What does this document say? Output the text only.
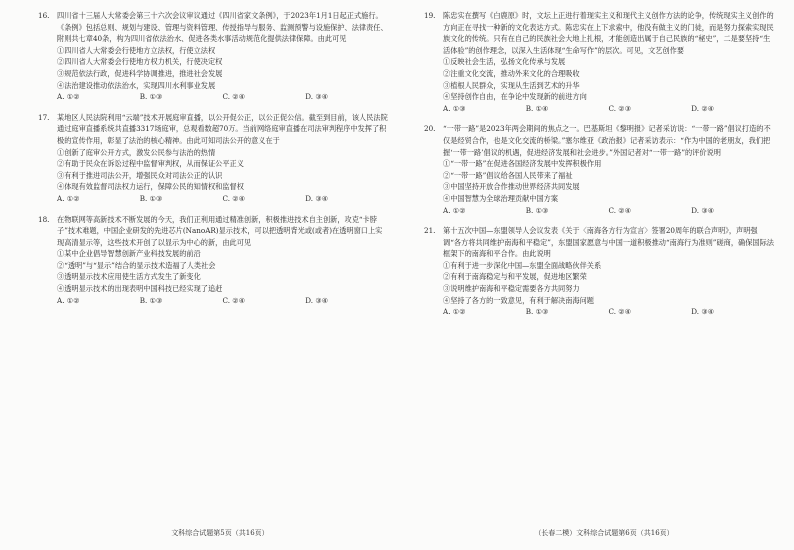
16. 四川省十三届人大常委会第三十六次会议审议通过《四川省家文条例》，于2023年1月1日起正式施行。《条例》包括总则、规划与建设、管理与资料管理、传授指导与服务、监测预警与设施保护、法律责任、附则共七章40条，构为四川省依法治水、促进各类水事活动规范化提供法律保障。由此可见
①四川省人大常委会行使地方立法权，行使立法权
②四川省人大常委会行使地方权力机关，行使决定权
③规范依法行政，促进科学协调推进，推进社会发展
④法治建设推动依法治水，实现四川水利事业发展
A. ①②	B. ①③	C. ②④	D. ③④
17. 某地区人民法院利用“云端”技术开展庭审直播，以公开促公正，以公正促公信。截至到目前，该人民法院通过庭审直播系统共直播3317场庭审，总观看数超70万。当前网络庭审直播在司法审判程序中发挥了积极的宣传作用，彰显了法治的核心精神。由此可知司法公开的意义在于
①创新了庭审公开方式，激发公民参与法治的热情
②有助于民众在诉讼过程中监督审判权，从而保证公平正义
③有利于推进司法公开，增强民众对司法公正的认识
④体现有效监督司法权力运行，保障公民的知情权和监督权
A. ①②	B. ①③	C. ②④	D. ③④
18. 在物联网等高新技术不断发展的今天，我们正利用通过精准创新，积极推进技术自主创新，攻克“卡脖子”技术难题，中国企业研发的先进芯片(NanoAR)显示技术，可以把透明背光或(或者)在透明窗口上实现高清显示等，这些技术开创了以显示为中心的新，由此可见
①某中企业倡导智慧创新产业科技发展的前沿
②“透明”与“显示”结合的显示技术造福了人类社会
③透明显示技术应用使生活方式发生了新变化
④透明显示技术的出现表明中国科技已经实现了追赶
A. ①②	B. ①③	C. ②④	D. ③④
19. 陈忠实在撰写《白鹿原》时，文坛上正进行着现实主义和现代主义创作方法的论争，传统现实主义创作的方向正在寻找一种新的文化表达方式。陈忠实在上下求索中，他没有做主义的门徒，而是努力探索实现民族文化的传统。只有在自己的民族社会大地上扎根，才能创造出属于自己民族的“秘史”，二是要坚持“生活体验”的创作理念，以深入生活体现“生命写作”的层次。可见，文艺创作要
①反映社会生活，弘扬文化传承与发展
②注重文化交流，推动外来文化的合理吸收
③植根人民群众，实现从生活到艺术的升华
④坚持创作自由，在争论中发现新的前进方向
A. ①③	B. ①④	C. ②③	D. ②④
20. “一带一路”是2023年两会期间的焦点之一。巴基斯坦《黎明报》记者采访说：“一带一路”倡议打造的不仅是经贸合作，也是文化交流的桥梁。”塞尔维亚《政治报》记者采访表示：“作为中国的老朋友，我们把握‘一带一路’倡议的机遇，促进经济发展和社会进步。”外国记者对“一带一路”的评价说明
①“一带一路”在促进各国经济发展中发挥积极作用
②“一带一路”倡议给各国人民带来了福祉
③中国坚持开放合作推动世界经济共同发展
④中国智慧为全球治理贡献中国方案
A. ①②	B. ①③	C. ②④	D. ③④
21. 第十五次中国—东盟领导人会议发表《关于〈南海各方行为宣言〉签署20周年的联合声明》，声明强调“各方将共同维护南海和平稳定”，东盟国家愿意与中国一道积极推动“南海行为准则”磋商，确保国际法框架下的南海和平合作。由此说明
①有利于进一步深化中国—东盟全面战略伙伴关系
②有利于南海稳定与和平发展，促进地区繁荣
③说明维护南海和平稳定需要各方共同努力
④坚持了各方的一致意见，有利于解决南海问题
A. ①②	B. ①③	C. ②④	D. ③④
文科综合试题第5页（共16页）	（长春二模）文科综合试题第6页（共16页）
